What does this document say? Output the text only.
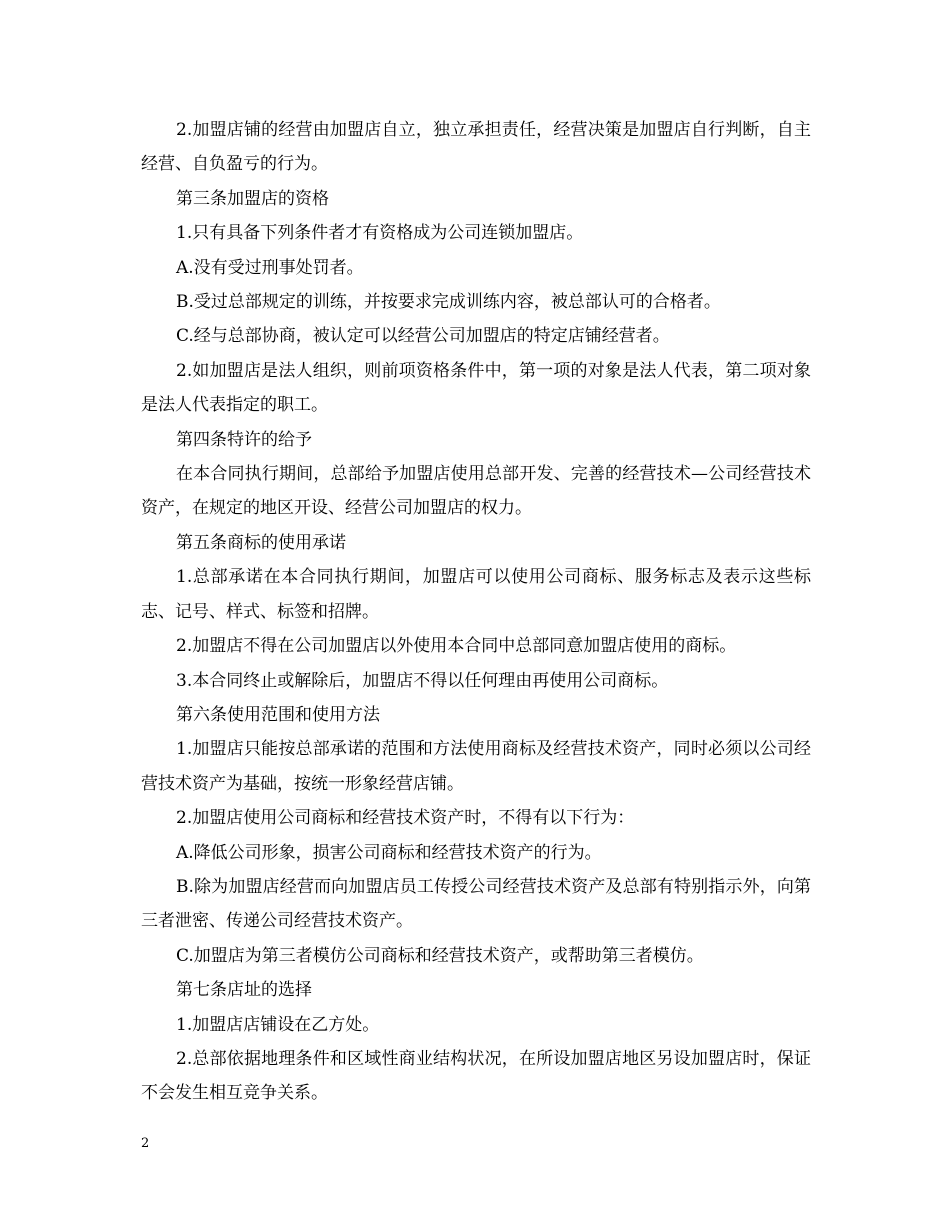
2.加盟店铺的经营由加盟店自立，独立承担责任，经营决策是加盟店自行判断，自主经营、自负盈亏的行为。

第三条加盟店的资格

1.只有具备下列条件者才有资格成为公司连锁加盟店。

A.没有受过刑事处罚者。

B.受过总部规定的训练，并按要求完成训练内容，被总部认可的合格者。

C.经与总部协商，被认定可以经营公司加盟店的特定店铺经营者。

2.如加盟店是法人组织，则前项资格条件中，第一项的对象是法人代表，第二项对象是法人代表指定的职工。

第四条特许的给予

在本合同执行期间，总部给予加盟店使用总部开发、完善的经营技术—公司经营技术资产，在规定的地区开设、经营公司加盟店的权力。

第五条商标的使用承诺

1.总部承诺在本合同执行期间，加盟店可以使用公司商标、服务标志及表示这些标志、记号、样式、标签和招牌。

2.加盟店不得在公司加盟店以外使用本合同中总部同意加盟店使用的商标。

3.本合同终止或解除后，加盟店不得以任何理由再使用公司商标。

第六条使用范围和使用方法

1.加盟店只能按总部承诺的范围和方法使用商标及经营技术资产，同时必须以公司经营技术资产为基础，按统一形象经营店铺。

2.加盟店使用公司商标和经营技术资产时，不得有以下行为：

A.降低公司形象，损害公司商标和经营技术资产的行为。

B.除为加盟店经营而向加盟店员工传授公司经营技术资产及总部有特别指示外，向第三者泄密、传递公司经营技术资产。

C.加盟店为第三者模仿公司商标和经营技术资产，或帮助第三者模仿。

第七条店址的选择

1.加盟店店铺设在乙方处。

2.总部依据地理条件和区域性商业结构状况，在所设加盟店地区另设加盟店时，保证不会发生相互竞争关系。

2
